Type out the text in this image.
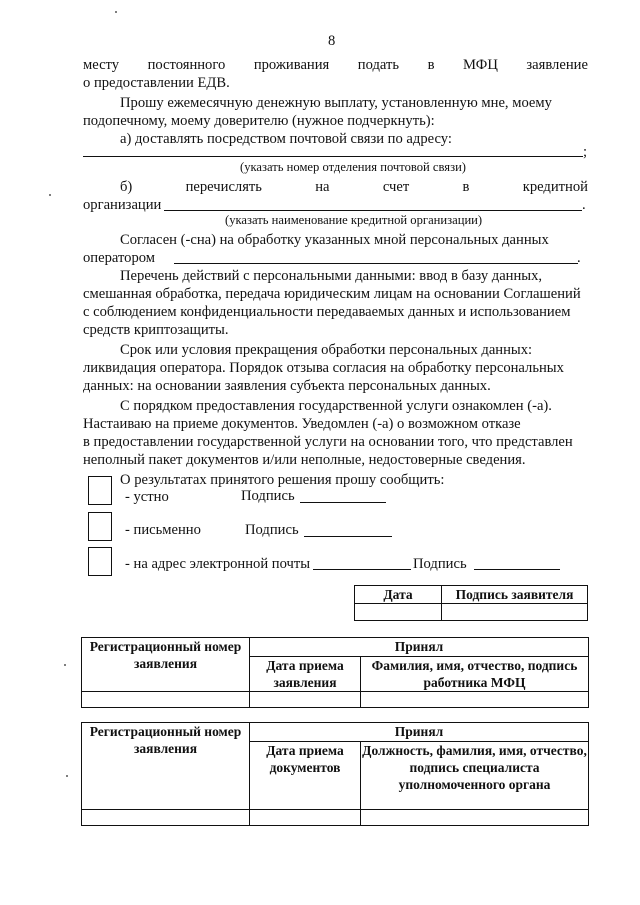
8
месту постоянного проживания подать в МФЦ заявление
о предоставлении ЕДВ.
Прошу ежемесячную денежную выплату, установленную мне, моему
подопечному, моему доверителю (нужное подчеркнуть):
а) доставлять посредством почтовой связи по адресу:
;
(указать номер отделения почтовой связи)
б)	перечислять	на	счет	в	кредитной
организации	.
(указать наименование кредитной организации)
Согласен (-сна) на обработку указанных мной персональных данных
оператором	.
Перечень действий с персональными данными: ввод в базу данных,
смешанная обработка, передача юридическим лицам на основании Соглашений
с соблюдением конфиденциальности передаваемых данных и использованием
средств криптозащиты.
Срок или условия прекращения обработки персональных данных:
ликвидация оператора. Порядок отзыва согласия на обработку персональных
данных: на основании заявления субъекта персональных данных.
С порядком предоставления государственной услуги ознакомлен (-а).
Настаиваю на приеме документов. Уведомлен (-а) о возможном отказе
в предоставлении государственной услуги на основании того, что представлен
неполный пакет документов и/или неполные, недостоверные сведения.
О результатах принятого решения прошу сообщить:
- устно	Подпись
- письменно	Подпись
- на адрес электронной почты	Подпись
Дата	Подпись заявителя

Регистрационный номер заявления	Принял	
	Дата приема заявления	Фамилия, имя, отчество, подпись работника МФЦ

Регистрационный номер заявления	Принял	
	Дата приема документов	Должность, фамилия, имя, отчество, подпись специалиста уполномоченного органа
